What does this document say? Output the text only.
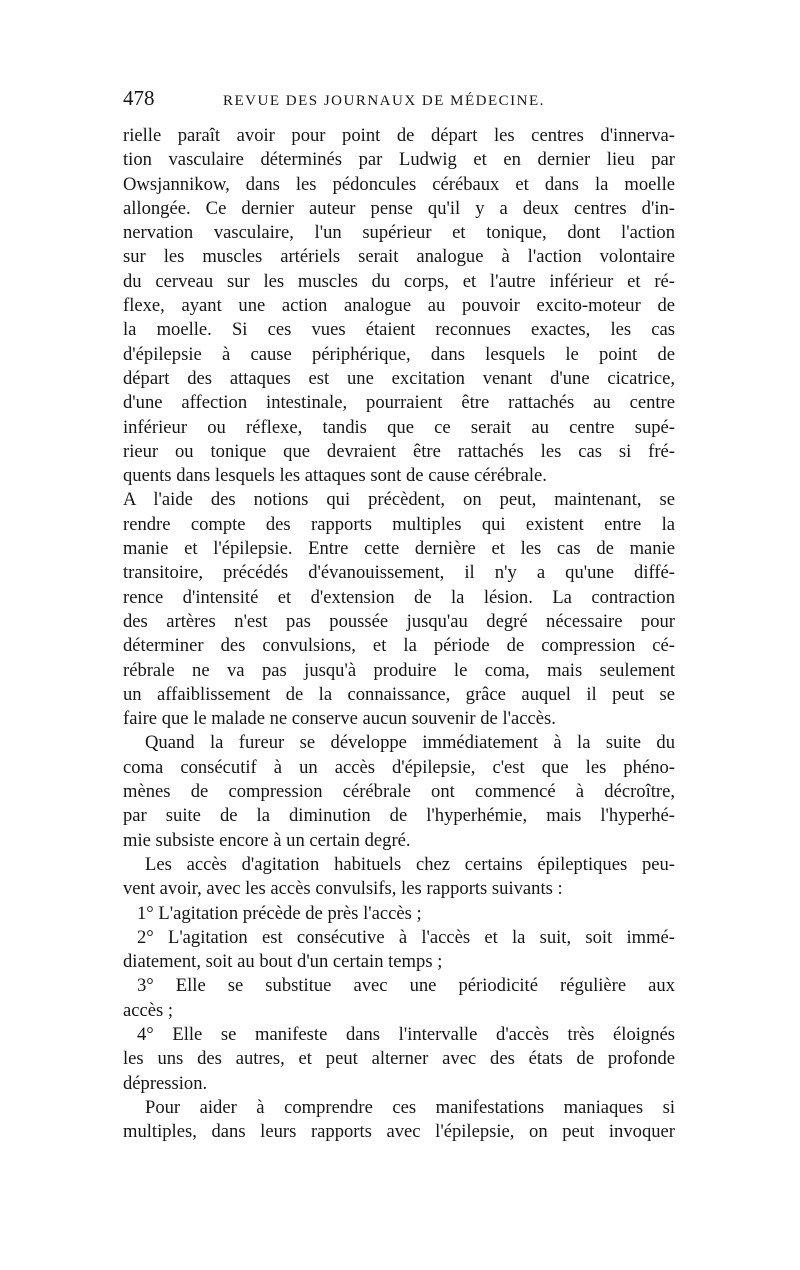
478	REVUE DES JOURNAUX DE MÉDECINE.
rielle paraît avoir pour point de départ les centres d'innerva-
tion vasculaire déterminés par Ludwig et en dernier lieu par
Owsjannikow, dans les pédoncules cérébaux et dans la moelle
allongée. Ce dernier auteur pense qu'il y a deux centres d'in-
nervation vasculaire, l'un supérieur et tonique, dont l'action
sur les muscles artériels serait analogue à l'action volontaire
du cerveau sur les muscles du corps, et l'autre inférieur et ré-
flexe, ayant une action analogue au pouvoir excito-moteur de
la moelle. Si ces vues étaient reconnues exactes, les cas
d'épilepsie à cause périphérique, dans lesquels le point de
départ des attaques est une excitation venant d'une cicatrice,
d'une affection intestinale, pourraient être rattachés au centre
inférieur ou réflexe, tandis que ce serait au centre supé-
rieur ou tonique que devraient être rattachés les cas si fré-
quents dans lesquels les attaques sont de cause cérébrale.
A l'aide des notions qui précèdent, on peut, maintenant, se
rendre compte des rapports multiples qui existent entre la
manie et l'épilepsie. Entre cette dernière et les cas de manie
transitoire, précédés d'évanouissement, il n'y a qu'une diffé-
rence d'intensité et d'extension de la lésion. La contraction
des artères n'est pas poussée jusqu'au degré nécessaire pour
déterminer des convulsions, et la période de compression cé-
rébrale ne va pas jusqu'à produire le coma, mais seulement
un affaiblissement de la connaissance, grâce auquel il peut se
faire que le malade ne conserve aucun souvenir de l'accès.
Quand la fureur se développe immédiatement à la suite du
coma consécutif à un accès d'épilepsie, c'est que les phéno-
mènes de compression cérébrale ont commencé à décroître,
par suite de la diminution de l'hyperhémie, mais l'hyperhé-
mie subsiste encore à un certain degré.
Les accès d'agitation habituels chez certains épileptiques peu-
vent avoir, avec les accès convulsifs, les rapports suivants :
1° L'agitation précède de près l'accès ;
2° L'agitation est consécutive à l'accès et la suit, soit immé-
diatement, soit au bout d'un certain temps ;
3° Elle se substitue avec une périodicité régulière aux
accès ;
4° Elle se manifeste dans l'intervalle d'accès très éloignés
les uns des autres, et peut alterner avec des états de profonde
dépression.
Pour aider à comprendre ces manifestations maniaques si
multiples, dans leurs rapports avec l'épilepsie, on peut invoquer
